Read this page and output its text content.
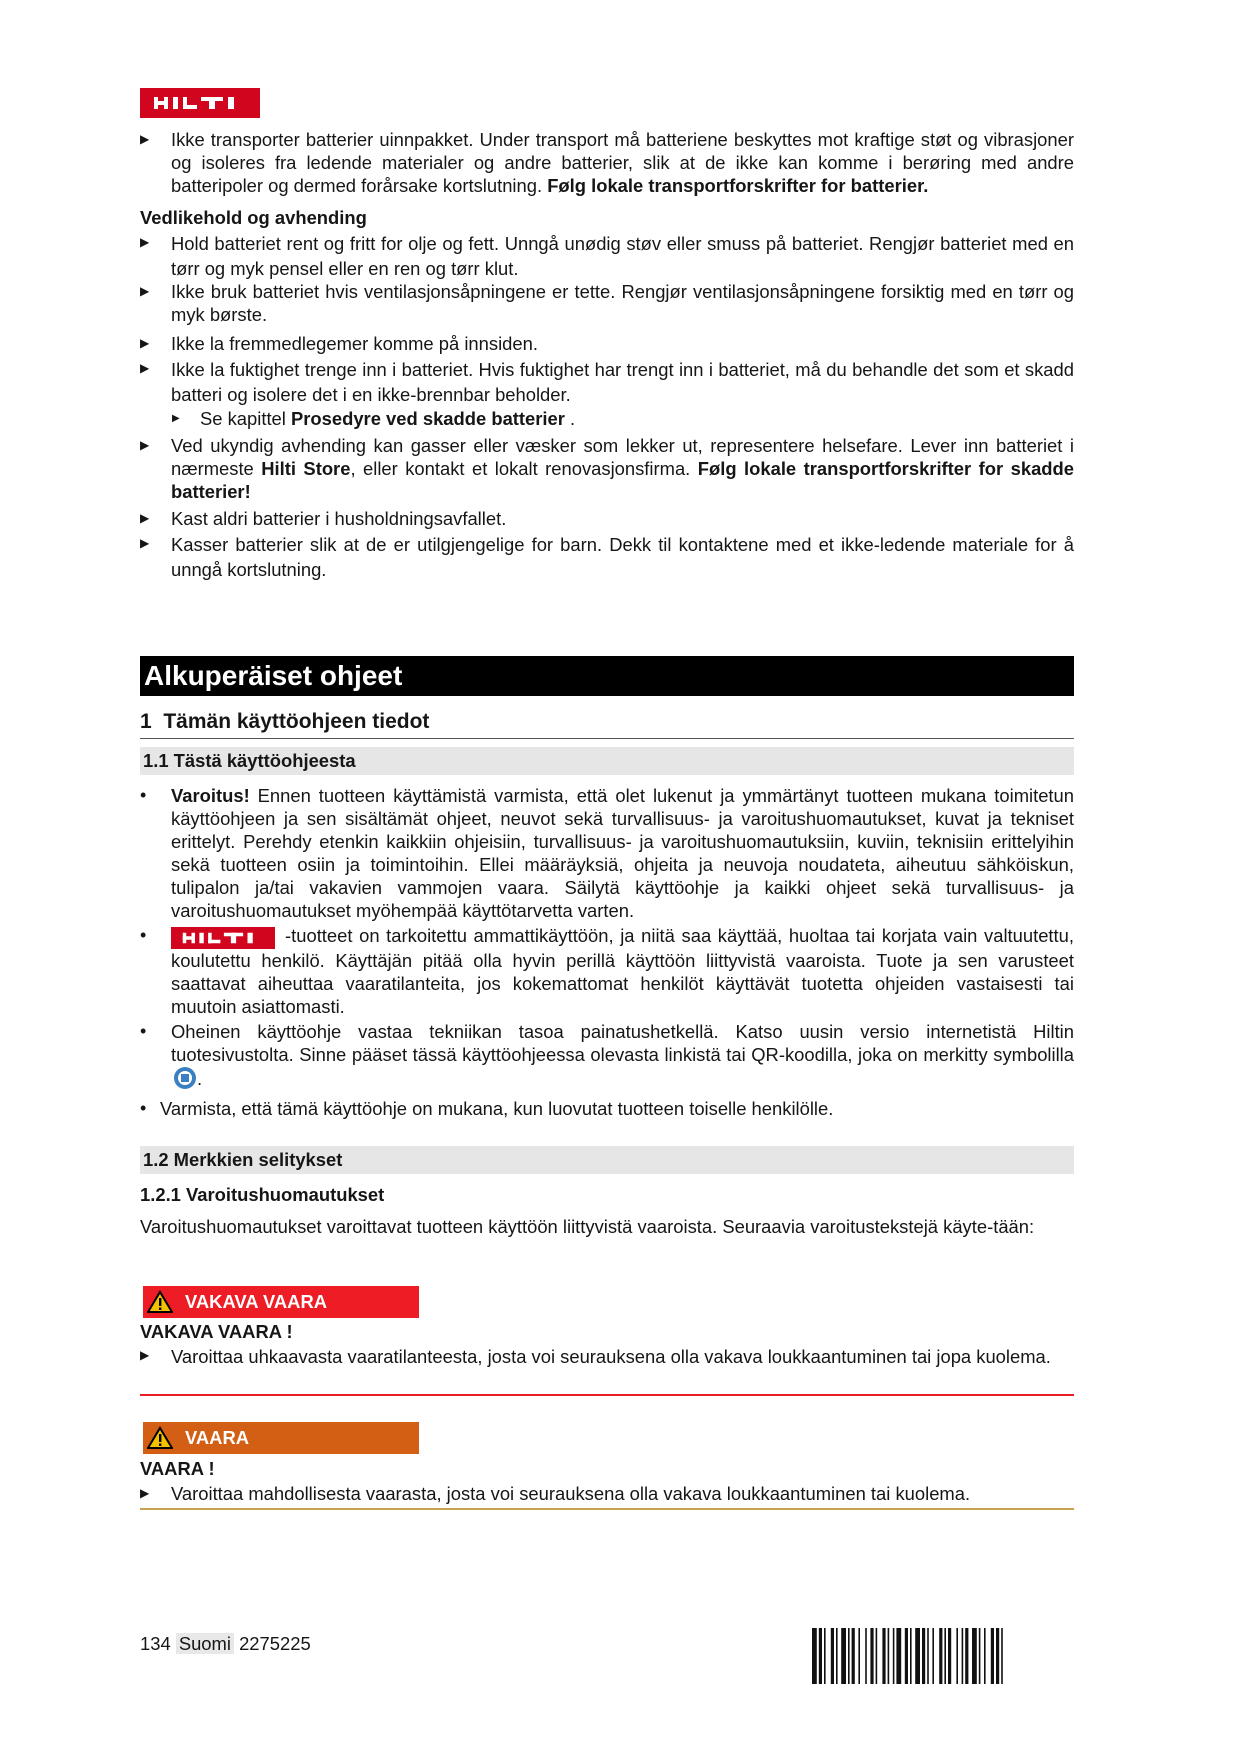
▶ Ikke transporter batterier uinnpakket. Under transport må batteriene beskyttes mot kraftige støt og vibrasjoner og isoleres fra ledende materialer og andre batterier, slik at de ikke kan komme i berøring med andre batteripoler og dermed forårsake kortslutning. Følg lokale transportforskrifter for batterier.
Vedlikehold og avhending
▶ Hold batteriet rent og fritt for olje og fett. Unngå unødig støv eller smuss på batteriet. Rengjør batteriet med en tørr og myk pensel eller en ren og tørr klut.
▶ Ikke bruk batteriet hvis ventilasjonsåpningene er tette. Rengjør ventilasjonsåpningene forsiktig med en tørr og myk børste.
▶ Ikke la fremmedlegemer komme på innsiden.
▶ Ikke la fuktighet trenge inn i batteriet. Hvis fuktighet har trengt inn i batteriet, må du behandle det som et skadd batteri og isolere det i en ikke-brennbar beholder.
▶ Se kapittel Prosedyre ved skadde batterier .
▶ Ved ukyndig avhending kan gasser eller væsker som lekker ut, representere helsefare. Lever inn batteriet i nærmeste Hilti Store, eller kontakt et lokalt renovasjonsfirma. Følg lokale transportforskrifter for skadde batterier!
▶ Kast aldri batterier i husholdningsavfallet.
▶ Kasser batterier slik at de er utilgjengelige for barn. Dekk til kontaktene med et ikke-ledende materiale for å unngå kortslutning.
Alkuperäiset ohjeet
1 Tämän käyttöohjeen tiedot
1.1 Tästä käyttöohjeesta
• Varoitus! Ennen tuotteen käyttämistä varmista, että olet lukenut ja ymmärtänyt tuotteen mukana toimitetun käyttöohjeen ja sen sisältämät ohjeet, neuvot sekä turvallisuus- ja varoitushuomautukset, kuvat ja tekniset erittelyt. Perehdy etenkin kaikkiin ohjeisiin, turvallisuus- ja varoitushuomautuksiin, kuviin, teknisiin erittelyihin sekä tuotteen osiin ja toimintoihin. Ellei määräyksiä, ohjeita ja neuvoja noudateta, aiheutuu sähköiskun, tulipalon ja/tai vakavien vammojen vaara. Säilytä käyttöohje ja kaikki ohjeet sekä turvallisuus- ja varoitushuomautukset myöhempää käyttötarvetta varten.
•	-tuotteet on tarkoitettu ammattikäyttöön, ja niitä saa käyttää, huoltaa tai korjata vain valtuutettu, koulutettu henkilö. Käyttäjän pitää olla hyvin perillä käyttöön liittyvistä vaaroista. Tuote ja sen varusteet saattavat aiheuttaa vaaratilanteita, jos kokemattomat henkilöt käyttävät tuotetta ohjeiden vastaisesti tai muutoin asiattomasti.
• Oheinen käyttöohje vastaa tekniikan tasoa painatushetkellä. Katso uusin versio internetistä Hiltin tuotesivustolta. Sinne pääset tässä käyttöohjeessa olevasta linkistä tai QR-koodilla, joka on merkitty symbolilla .
• Varmista, että tämä käyttöohje on mukana, kun luovutat tuotteen toiselle henkilölle.
1.2 Merkkien selitykset
1.2.1 Varoitushuomautukset
Varoitushuomautukset varoittavat tuotteen käyttöön liittyvistä vaaroista. Seuraavia varoitustekstejä käyte-tään:
VAKAVA VAARA
VAKAVA VAARA !
▶ Varoittaa uhkaavasta vaaratilanteesta, josta voi seurauksena olla vakava loukkaantuminen tai jopa kuolema.
VAARA
VAARA !
▶ Varoittaa mahdollisesta vaarasta, josta voi seurauksena olla vakava loukkaantuminen tai kuolema.
134 Suomi 2275225
